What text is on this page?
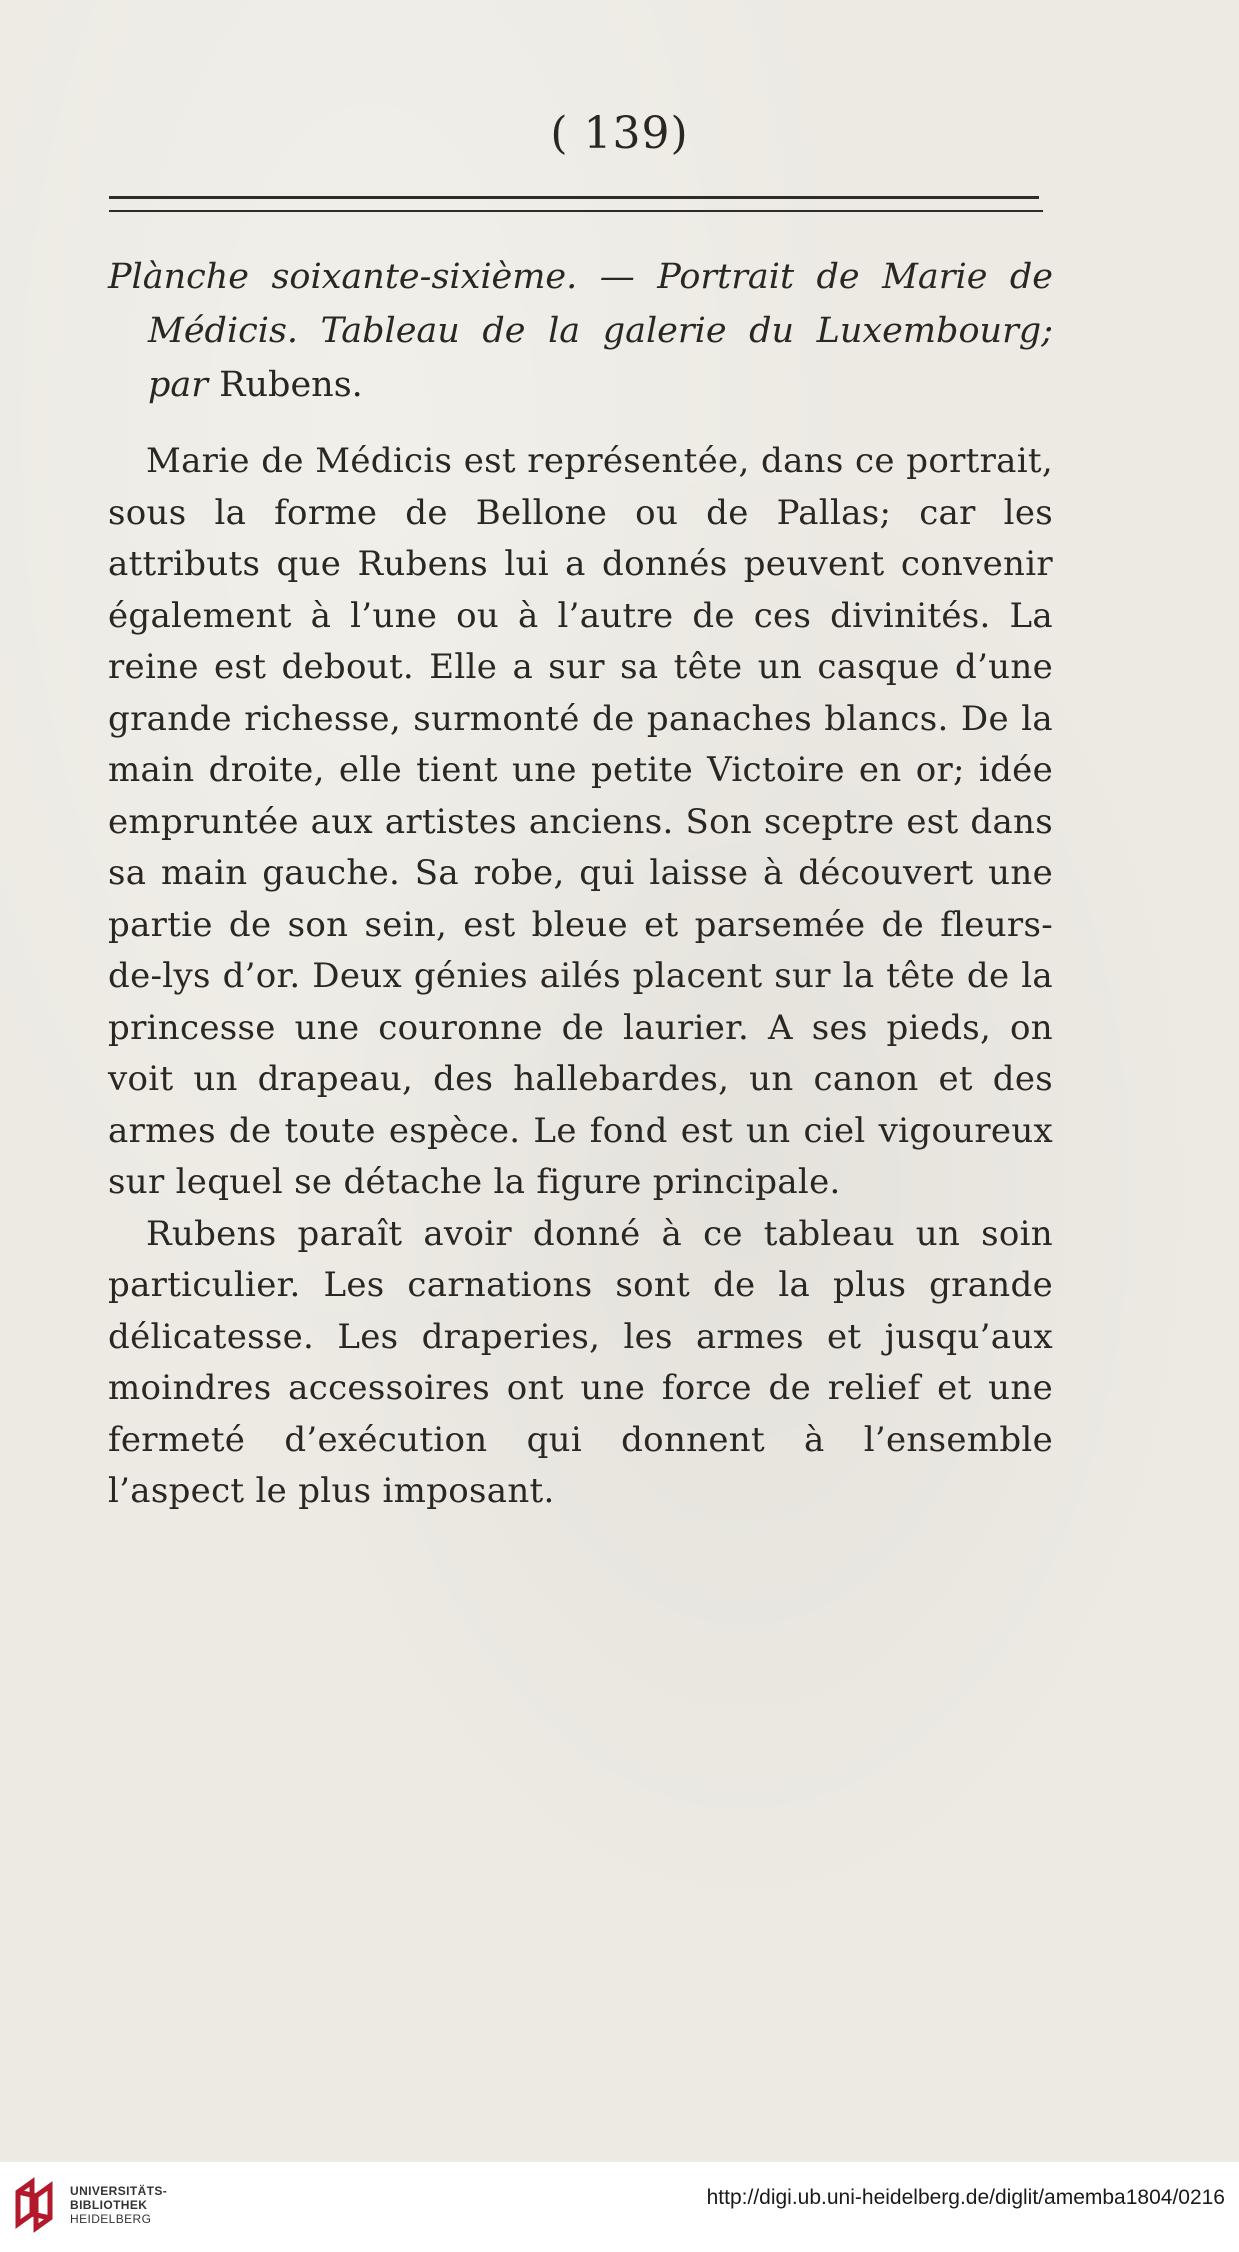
( 139)

Plànche soixante-sixième. — Portrait de Marie de Médicis. Tableau de la galerie du Luxembourg; par Rubens.

Marie de Médicis est représentée, dans ce portrait, sous la forme de Bellone ou de Pallas; car les attributs que Rubens lui a donnés peuvent convenir également à l’une ou à l’autre de ces divinités. La reine est debout. Elle a sur sa tête un casque d’une grande richesse, surmonté de panaches blancs. De la main droite, elle tient une petite Victoire en or; idée empruntée aux artistes anciens. Son sceptre est dans sa main gauche. Sa robe, qui laisse à découvert une partie de son sein, est bleue et parsemée de fleurs-de-lys d’or. Deux génies ailés placent sur la tête de la princesse une couronne de laurier. A ses pieds, on voit un drapeau, des hallebardes, un canon et des armes de toute espèce. Le fond est un ciel vigoureux sur lequel se détache la figure principale.

Rubens paraît avoir donné à ce tableau un soin particulier. Les carnations sont de la plus grande délicatesse. Les draperies, les armes et jusqu’aux moindres accessoires ont une force de relief et une fermeté d’exécution qui donnent à l’ensemble l’aspect le plus imposant.

UNIVERSITÄTS-
BIBLIOTHEK
HEIDELBERG
http://digi.ub.uni-heidelberg.de/diglit/amemba1804/0216
